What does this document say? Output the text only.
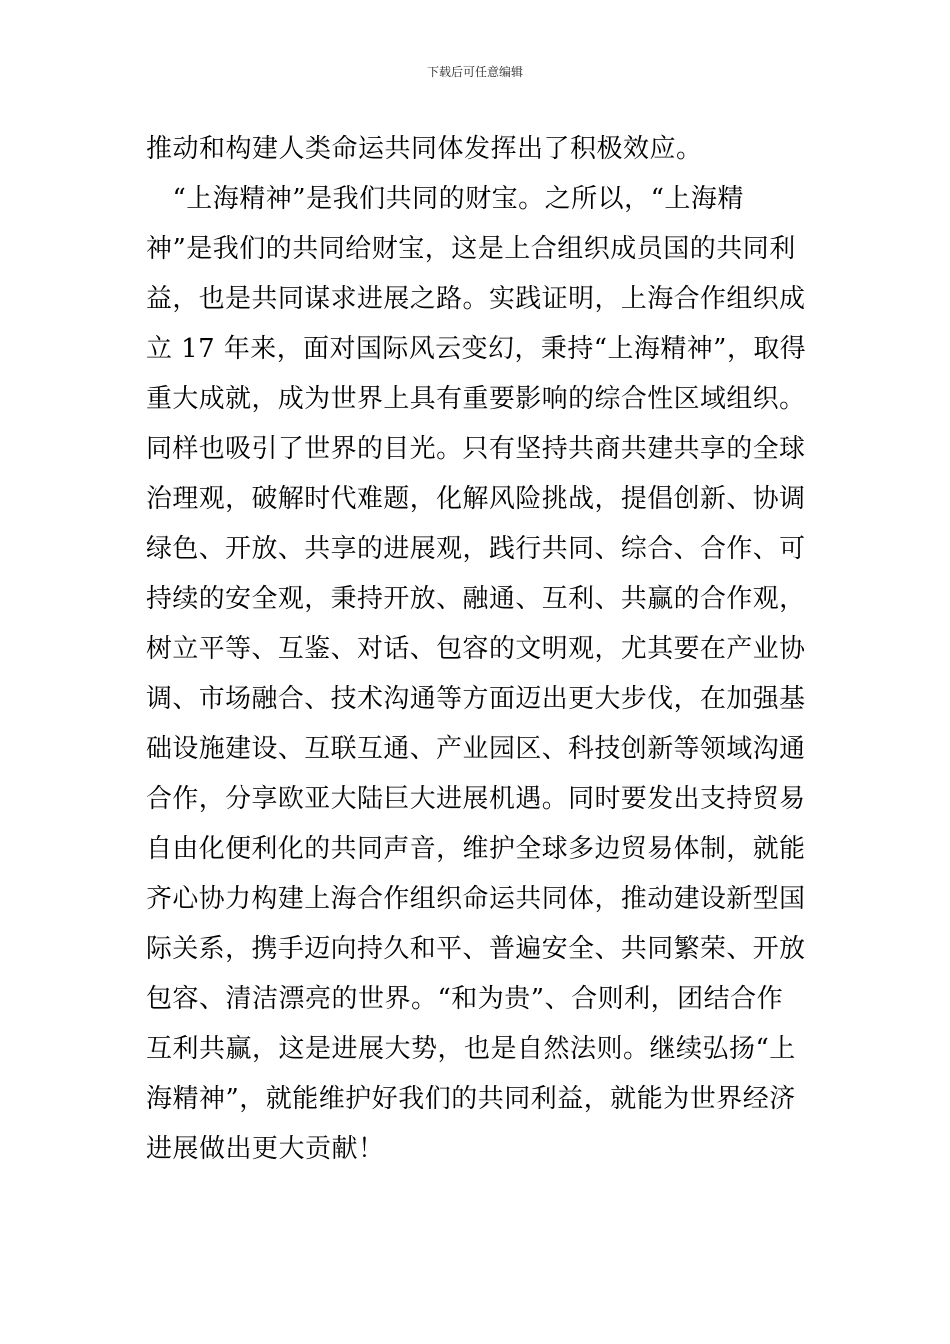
下载后可任意编辑
推动和构建人类命运共同体发挥出了积极效应。
　“上海精神”是我们共同的财宝。之所以，“上海精
神”是我们的共同给财宝，这是上合组织成员国的共同利
益，也是共同谋求进展之路。实践证明，上海合作组织成
立 17 年来，面对国际风云变幻，秉持“上海精神”，取得
重大成就，成为世界上具有重要影响的综合性区域组织。
同样也吸引了世界的目光。只有坚持共商共建共享的全球
治理观，破解时代难题，化解风险挑战，提倡创新、协调
绿色、开放、共享的进展观，践行共同、综合、合作、可
持续的安全观，秉持开放、融通、互利、共赢的合作观，
树立平等、互鉴、对话、包容的文明观，尤其要在产业协
调、市场融合、技术沟通等方面迈出更大步伐，在加强基
础设施建设、互联互通、产业园区、科技创新等领域沟通
合作，分享欧亚大陆巨大进展机遇。同时要发出支持贸易
自由化便利化的共同声音，维护全球多边贸易体制，就能
齐心协力构建上海合作组织命运共同体，推动建设新型国
际关系，携手迈向持久和平、普遍安全、共同繁荣、开放
包容、清洁漂亮的世界。“和为贵”、合则利，团结合作
互利共赢，这是进展大势，也是自然法则。继续弘扬“上
海精神”，就能维护好我们的共同利益，就能为世界经济
进展做出更大贡献！
